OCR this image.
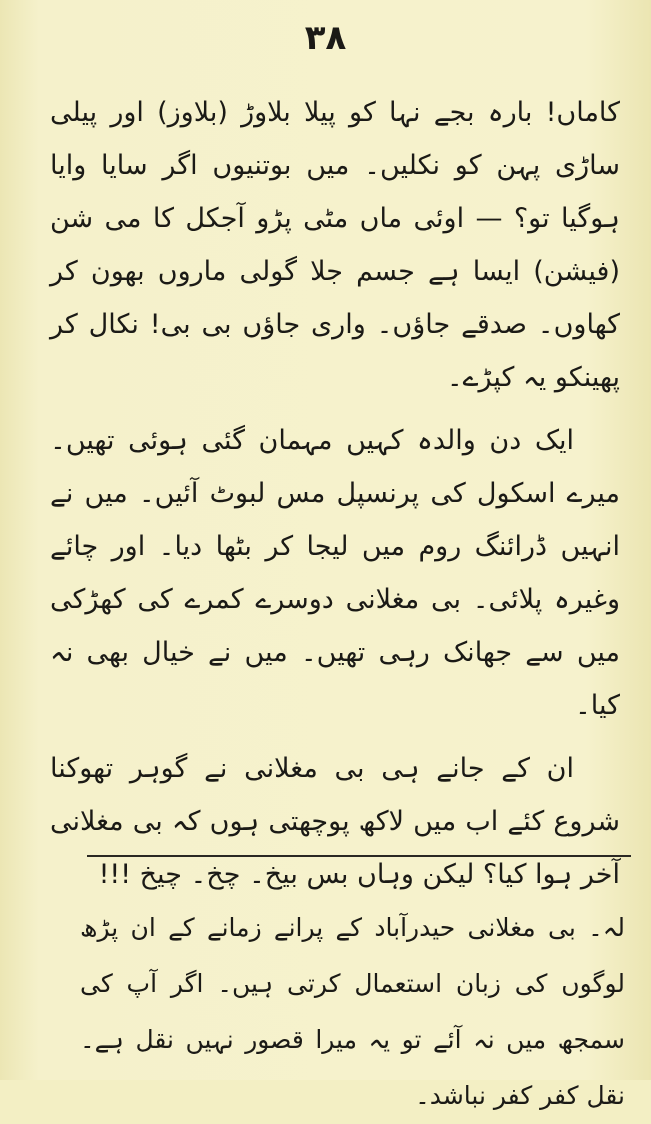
۳۸

کاماں! بارہ بجے نہا کو پیلا بلاوڑ (بلاوز) اور پیلی ساڑی پہن کو نکلیں۔ میں بوتنیوں اگر سایا وایا ہوگیا تو؟ — اوئی ماں مٹی پڑو آجکل کا می شن (فیشن) ایسا ہے جسم جلا گولی ماروں بھون کر کھاوں۔ صدقے جاؤں۔ واری جاؤں بی بی! نکال کر پھینکو یہ کپڑے۔

ایک دن والدہ کہیں مہمان گئی ہوئی تھیں۔ میرے اسکول کی پرنسپل مس لبوٹ آئیں۔ میں نے انہیں ڈرائنگ روم میں لیجا کر بٹھا دیا۔ اور چائے وغیرہ پلائی۔ بی مغلانی دوسرے کمرے کی کھڑکی میں سے جھانک رہی تھیں۔ میں نے خیال بھی نہ کیا۔

ان کے جانے ہی بی مغلانی نے گوہر تھوکنا شروع کئے اب میں لاکھ پوچھتی ہوں کہ بی مغلانی آخر ہوا کیا؟ لیکن وہاں بس بیخ۔ چخ۔ چیخ !!!

لہ۔ بی مغلانی حیدرآباد کے پرانے زمانے کے ان پڑھ لوگوں کی زبان استعمال کرتی ہیں۔ اگر آپ کی سمجھ میں نہ آئے تو یہ میرا قصور نہیں نقل ہے۔ نقل کفر کفر نباشد۔
